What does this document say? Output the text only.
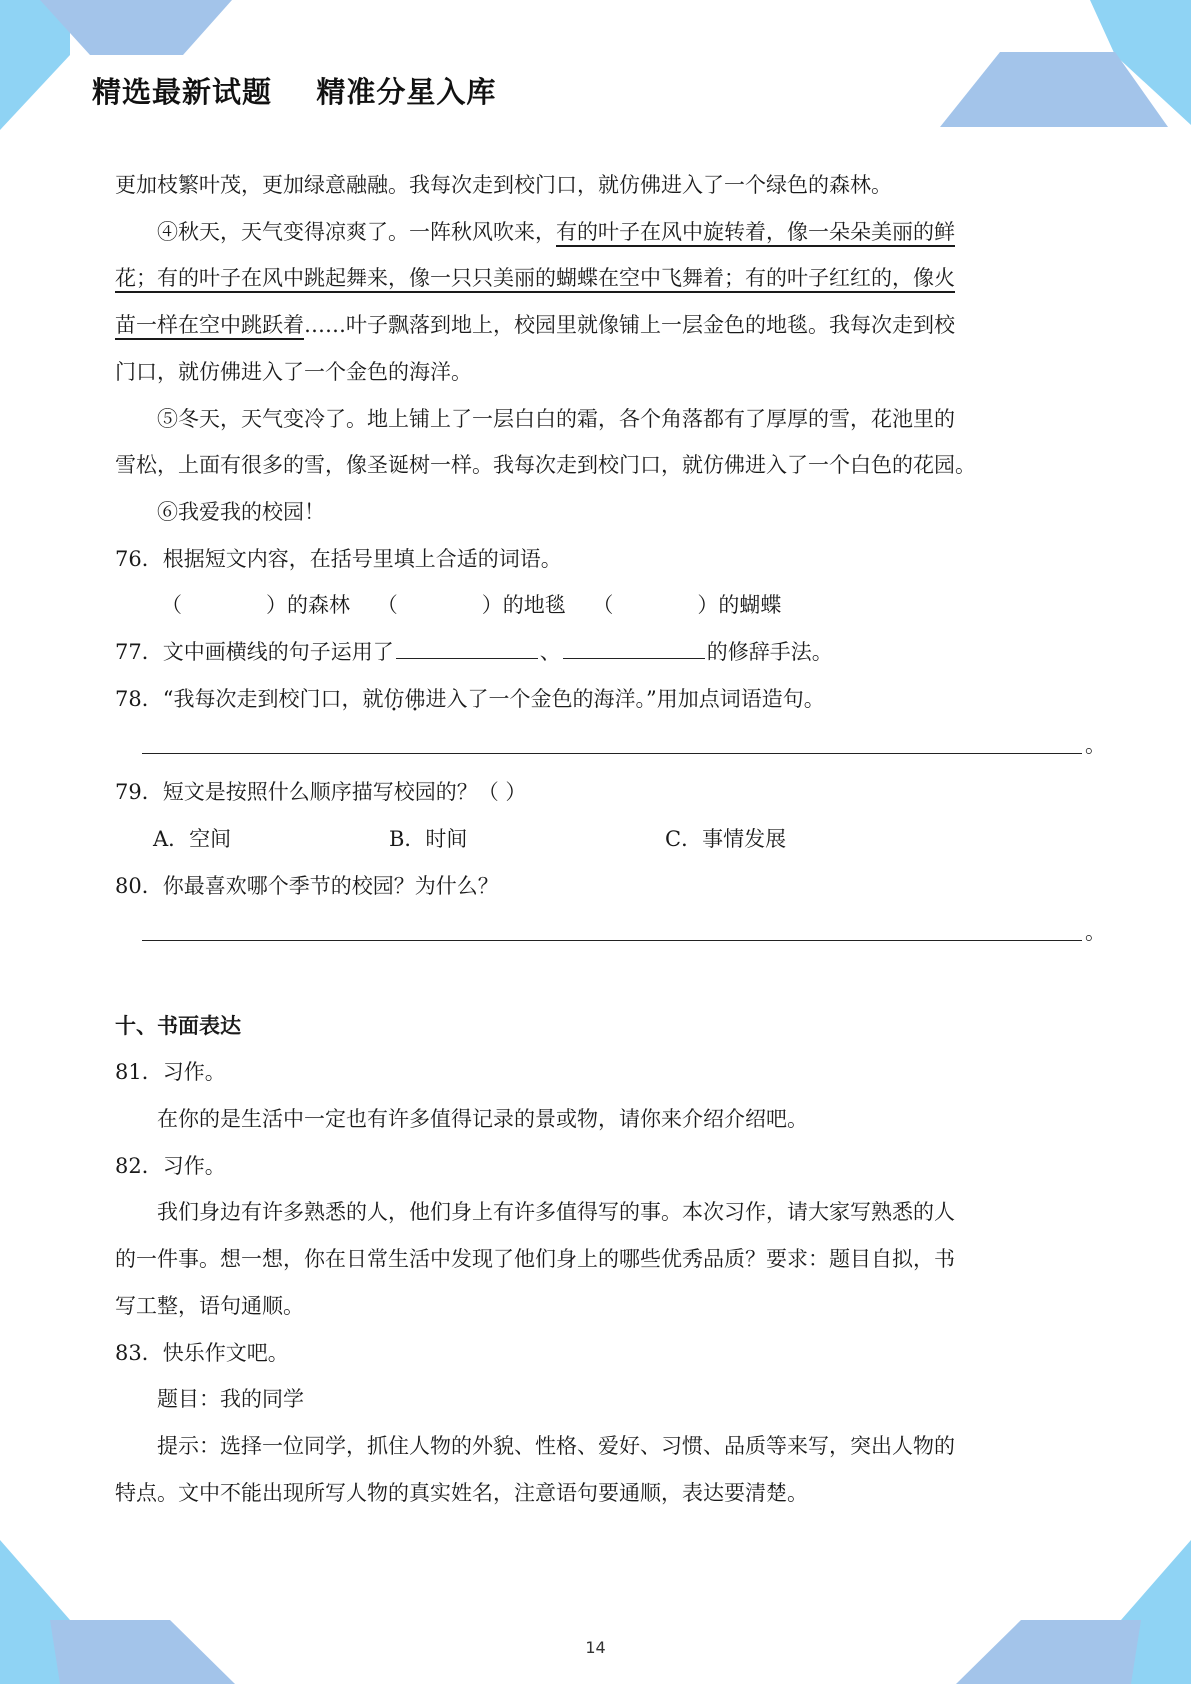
精选最新试题    精准分星入库
更加枝繁叶茂，更加绿意融融。我每次走到校门口，就仿佛进入了一个绿色的森林。
④秋天，天气变得凉爽了。一阵秋风吹来，有的叶子在风中旋转着，像一朵朵美丽的鲜
花；有的叶子在风中跳起舞来，像一只只美丽的蝴蝶在空中飞舞着；有的叶子红红的，像火
苗一样在空中跳跃着……叶子飘落到地上，校园里就像铺上一层金色的地毯。我每次走到校
门口，就仿佛进入了一个金色的海洋。
⑤冬天，天气变冷了。地上铺上了一层白白的霜，各个角落都有了厚厚的雪，花池里的
雪松，上面有很多的雪，像圣诞树一样。我每次走到校门口，就仿佛进入了一个白色的花园。
⑥我爱我的校园！
76．根据短文内容，在括号里填上合适的词语。
（	）的森林 （	）的地毯 （	）的蝴蝶
77．文中画横线的句子运用了	、	的修辞手法。
78．“我每次走到校门口，就仿 •佛 •进入了一个金色的海洋。”用加点词语造句。
。
79．短文是按照什么顺序描写校园的？（ ）
A．空间	B．时间	C．事情发展
80．你最喜欢哪个季节的校园？为什么？
。
十、书面表达
81．习作。
在你的是生活中一定也有许多值得记录的景或物，请你来介绍介绍吧。
82．习作。
我们身边有许多熟悉的人，他们身上有许多值得写的事。本次习作，请大家写熟悉的人
的一件事。想一想，你在日常生活中发现了他们身上的哪些优秀品质？要求：题目自拟，书
写工整，语句通顺。
83．快乐作文吧。
题目：我的同学
提示：选择一位同学，抓住人物的外貌、性格、爱好、习惯、品质等来写，突出人物的
特点。文中不能出现所写人物的真实姓名，注意语句要通顺，表达要清楚。
14
